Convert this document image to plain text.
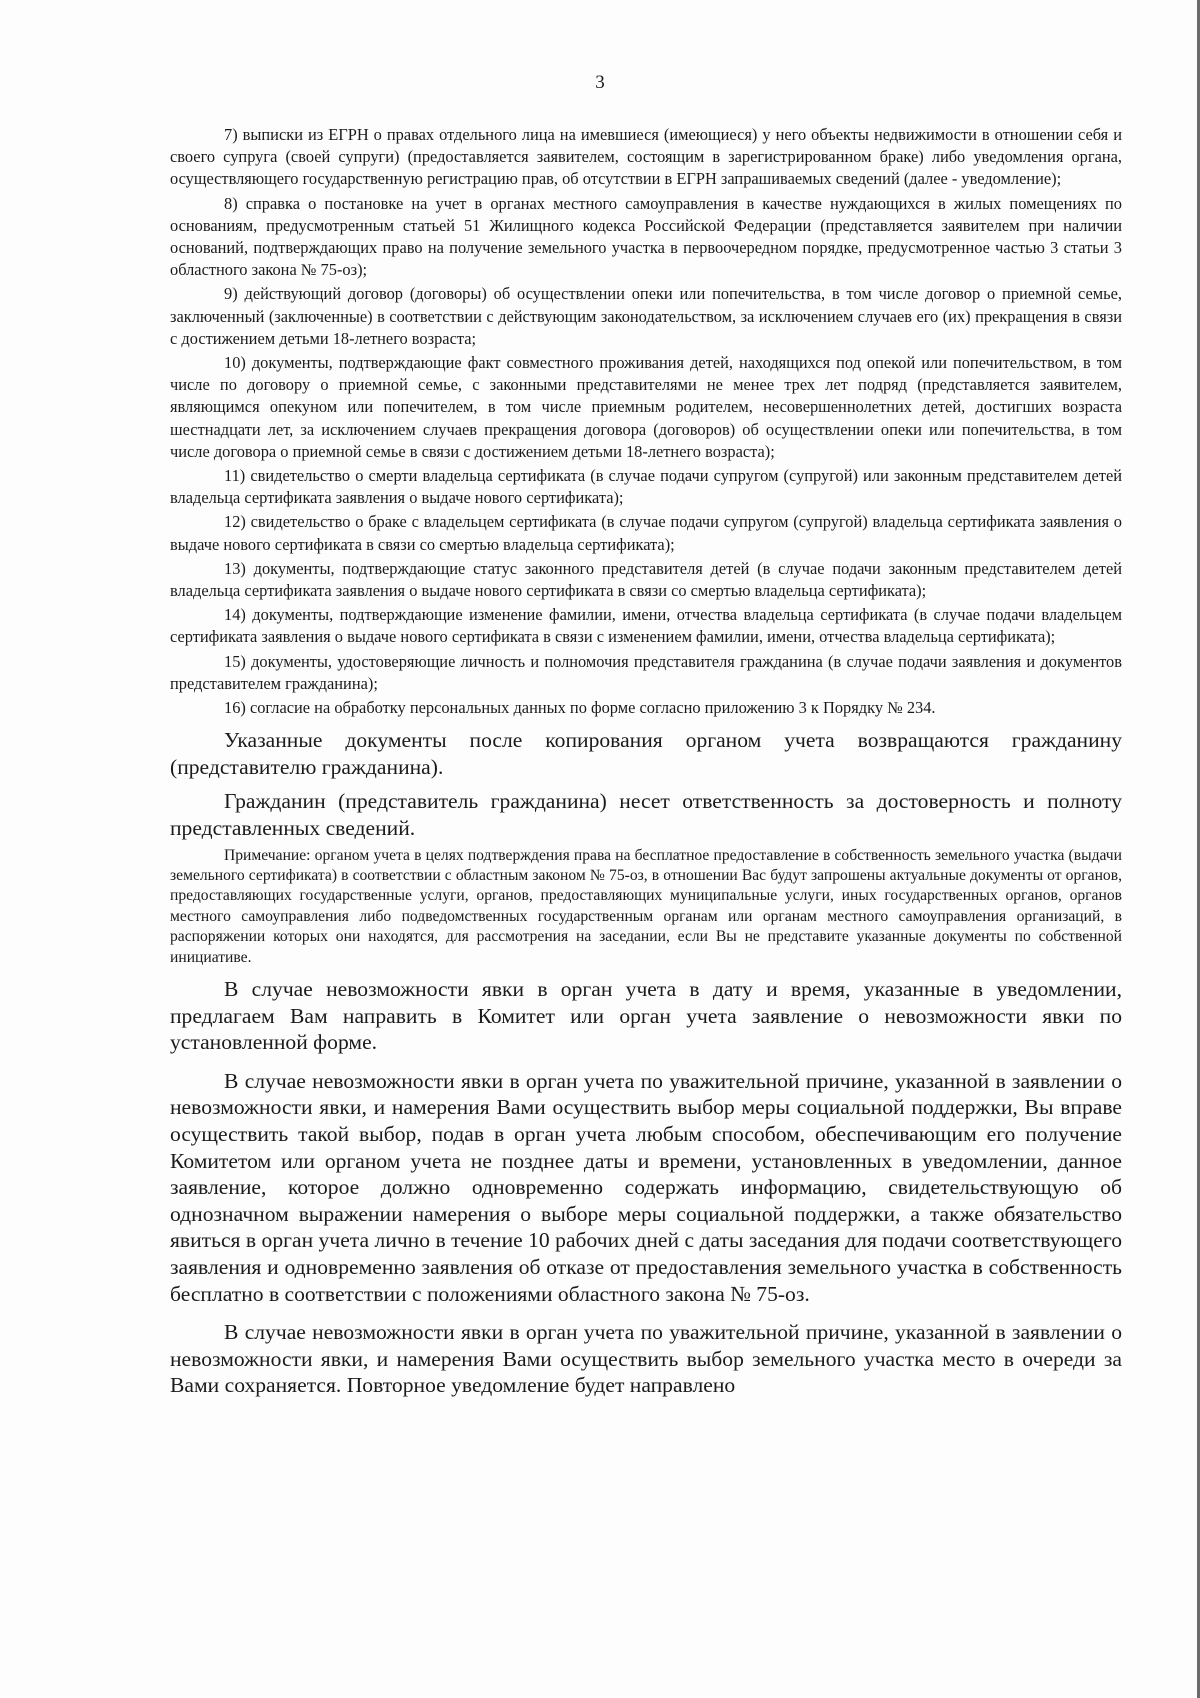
3

7) выписки из ЕГРН о правах отдельного лица на имевшиеся (имеющиеся) у него объекты недвижимости в отношении себя и своего супруга (своей супруги) (предоставляется заявителем, состоящим в зарегистрированном браке) либо уведомления органа, осуществляющего государственную регистрацию прав, об отсутствии в ЕГРН запрашиваемых сведений (далее - уведомление);

8) справка о постановке на учет в органах местного самоуправления в качестве нуждающихся в жилых помещениях по основаниям, предусмотренным статьей 51 Жилищного кодекса Российской Федерации (представляется заявителем при наличии оснований, подтверждающих право на получение земельного участка в первоочередном порядке, предусмотренное частью 3 статьи 3 областного закона № 75-оз);

9) действующий договор (договоры) об осуществлении опеки или попечительства, в том числе договор о приемной семье, заключенный (заключенные) в соответствии с действующим законодательством, за исключением случаев его (их) прекращения в связи с достижением детьми 18-летнего возраста;

10) документы, подтверждающие факт совместного проживания детей, находящихся под опекой или попечительством, в том числе по договору о приемной семье, с законными представителями не менее трех лет подряд (представляется заявителем, являющимся опекуном или попечителем, в том числе приемным родителем, несовершеннолетних детей, достигших возраста шестнадцати лет, за исключением случаев прекращения договора (договоров) об осуществлении опеки или попечительства, в том числе договора о приемной семье в связи с достижением детьми 18-летнего возраста);

11) свидетельство о смерти владельца сертификата (в случае подачи супругом (супругой) или законным представителем детей владельца сертификата заявления о выдаче нового сертификата);

12) свидетельство о браке с владельцем сертификата (в случае подачи супругом (супругой) владельца сертификата заявления о выдаче нового сертификата в связи со смертью владельца сертификата);

13) документы, подтверждающие статус законного представителя детей (в случае подачи законным представителем детей владельца сертификата заявления о выдаче нового сертификата в связи со смертью владельца сертификата);

14) документы, подтверждающие изменение фамилии, имени, отчества владельца сертификата (в случае подачи владельцем сертификата заявления о выдаче нового сертификата в связи с изменением фамилии, имени, отчества владельца сертификата);

15) документы, удостоверяющие личность и полномочия представителя гражданина (в случае подачи заявления и документов представителем гражданина);

16) согласие на обработку персональных данных по форме согласно приложению 3 к Порядку № 234.

Указанные документы после копирования органом учета возвращаются гражданину (представителю гражданина).

Гражданин (представитель гражданина) несет ответственность за достоверность и полноту представленных сведений.

Примечание: органом учета в целях подтверждения права на бесплатное предоставление в собственность земельного участка (выдачи земельного сертификата) в соответствии с областным законом № 75-оз, в отношении Вас будут запрошены актуальные документы от органов, предоставляющих государственные услуги, органов, предоставляющих муниципальные услуги, иных государственных органов, органов местного самоуправления либо подведомственных государственным органам или органам местного самоуправления организаций, в распоряжении которых они находятся, для рассмотрения на заседании, если Вы не представите указанные документы по собственной инициативе.

В случае невозможности явки в орган учета в дату и время, указанные в уведомлении, предлагаем Вам направить в Комитет или орган учета заявление о невозможности явки по установленной форме.

В случае невозможности явки в орган учета по уважительной причине, указанной в заявлении о невозможности явки, и намерения Вами осуществить выбор меры социальной поддержки, Вы вправе осуществить такой выбор, подав в орган учета любым способом, обеспечивающим его получение Комитетом или органом учета не позднее даты и времени, установленных в уведомлении, данное заявление, которое должно одновременно содержать информацию, свидетельствующую об однозначном выражении намерения о выборе меры социальной поддержки, а также обязательство явиться в орган учета лично в течение 10 рабочих дней с даты заседания для подачи соответствующего заявления и одновременно заявления об отказе от предоставления земельного участка в собственность бесплатно в соответствии с положениями областного закона № 75-оз.

В случае невозможности явки в орган учета по уважительной причине, указанной в заявлении о невозможности явки, и намерения Вами осуществить выбор земельного участка место в очереди за Вами сохраняется. Повторное уведомление будет направлено
